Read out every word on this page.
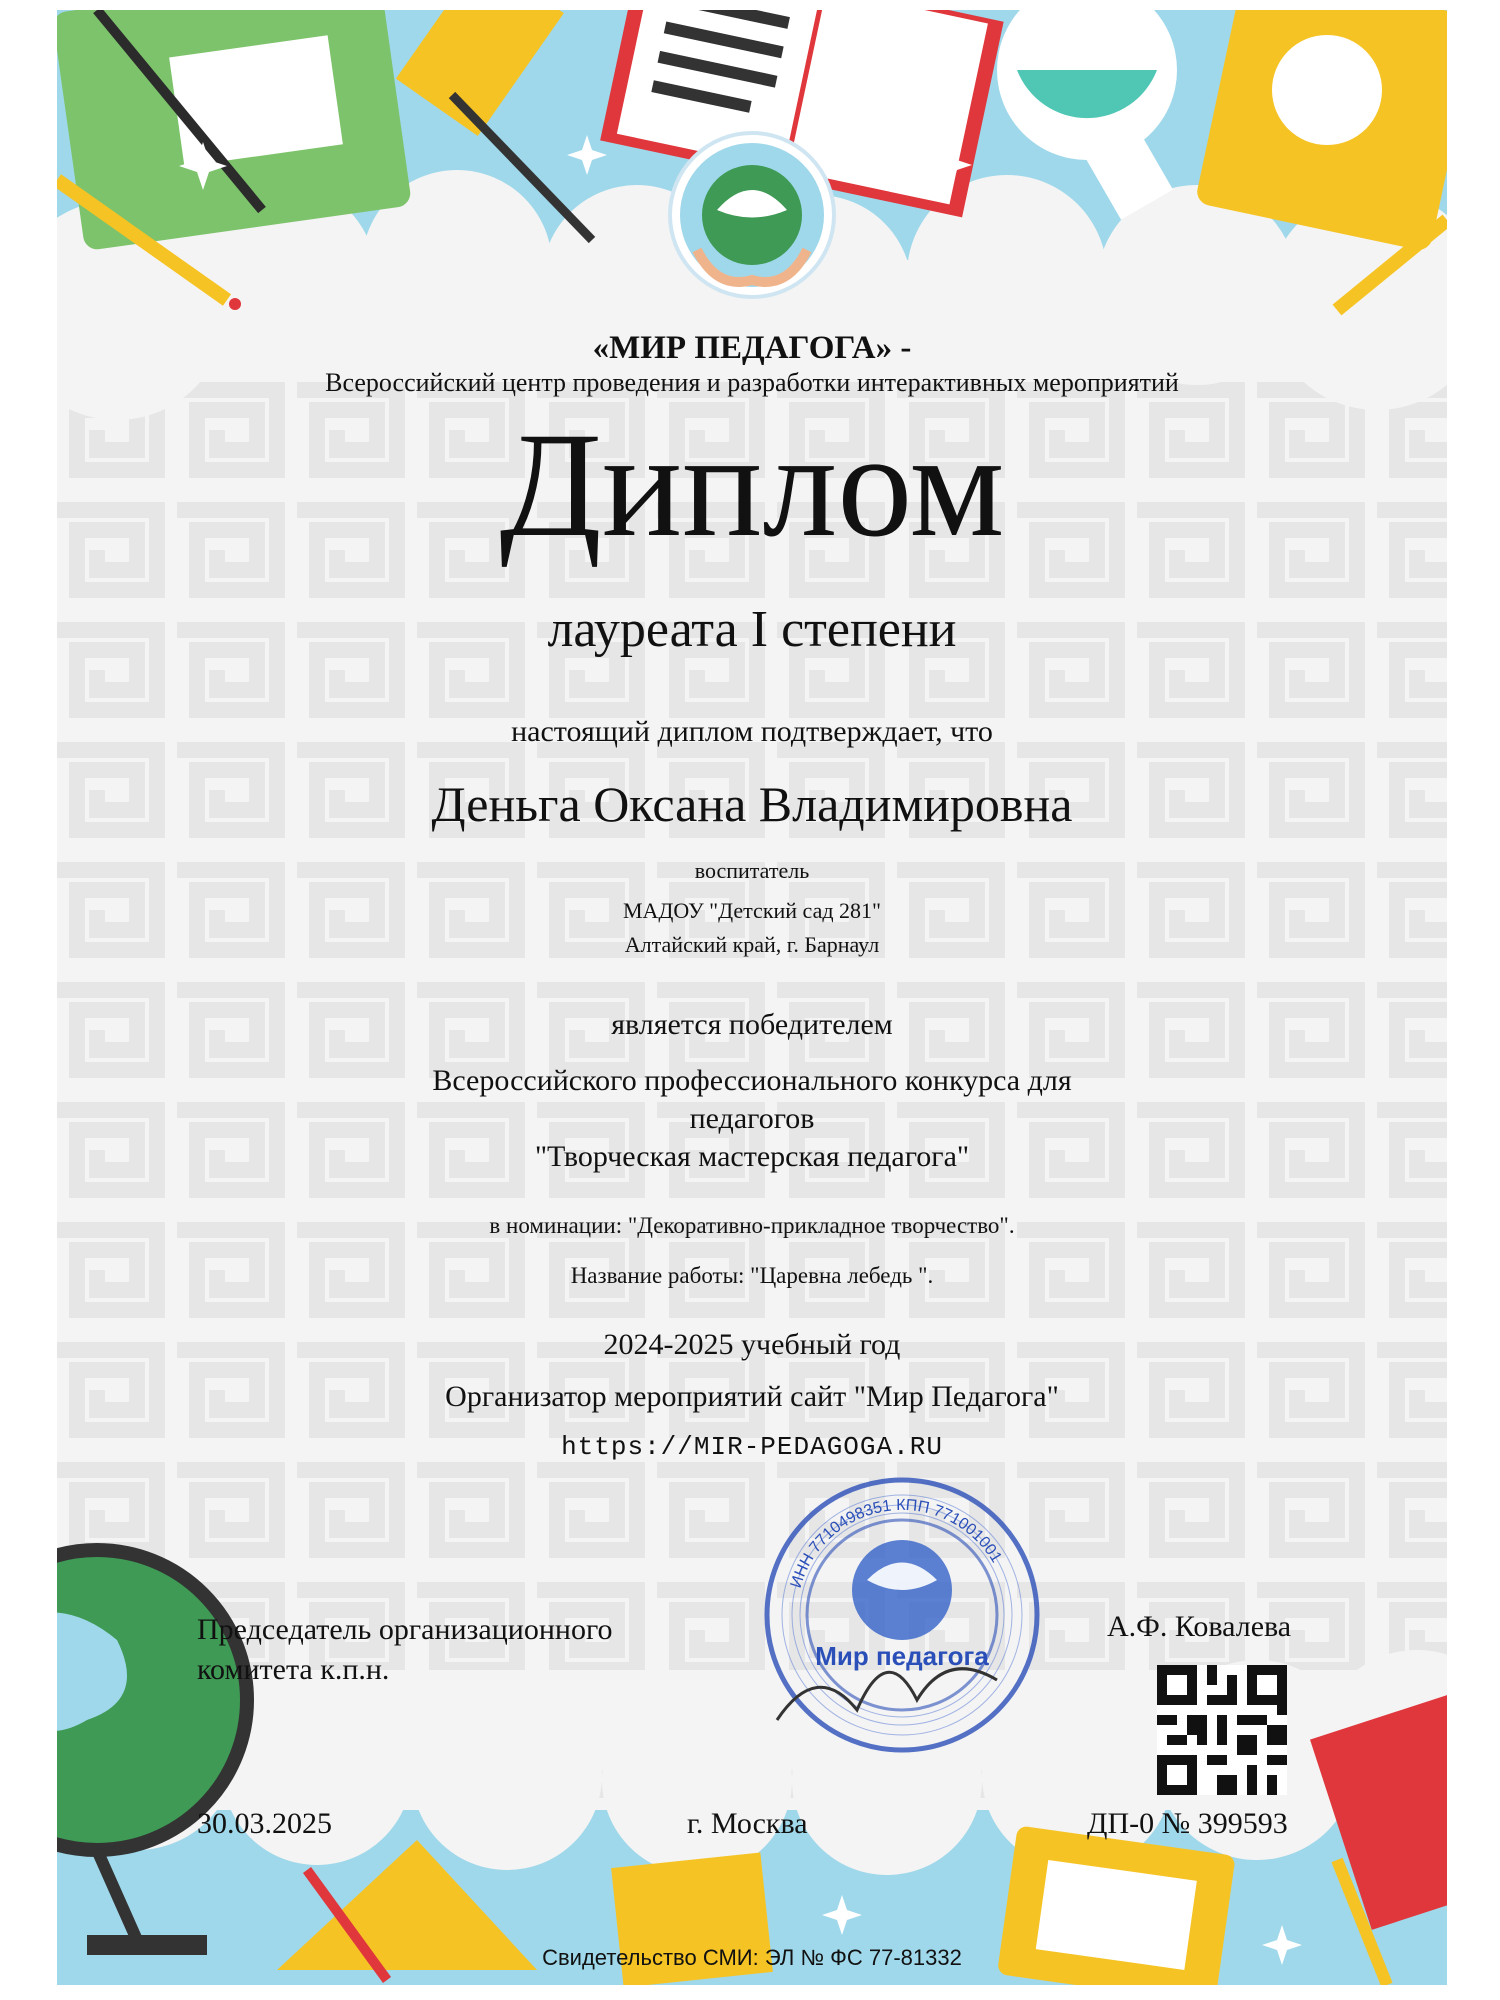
«МИР ПЕДАГОГА» -
Всероссийский центр проведения и разработки интерактивных мероприятий
Диплом
лауреата I степени
настоящий диплом подтверждает, что
Деньга Оксана Владимировна
воспитатель
МАДОУ "Детский сад 281"
Алтайский край, г. Барнаул
является победителем
Всероссийского профессионального конкурса для
педагогов
"Творческая мастерская педагога"
в номинации: "Декоративно-прикладное творчество".
Название работы: "Царевна лебедь ".
2024-2025 учебный год
Организатор мероприятий сайт "Мир Педагога"
https://MIR-PEDAGOGA.RU
Мир педагога
ИНН 7710498351 КПП 771001001
Председатель организационного
комитета к.п.н.
А.Ф. Ковалева
30.03.2025	г. Москва	ДП-0 № 399593
Свидетельство СМИ: ЭЛ № ФС 77-81332
